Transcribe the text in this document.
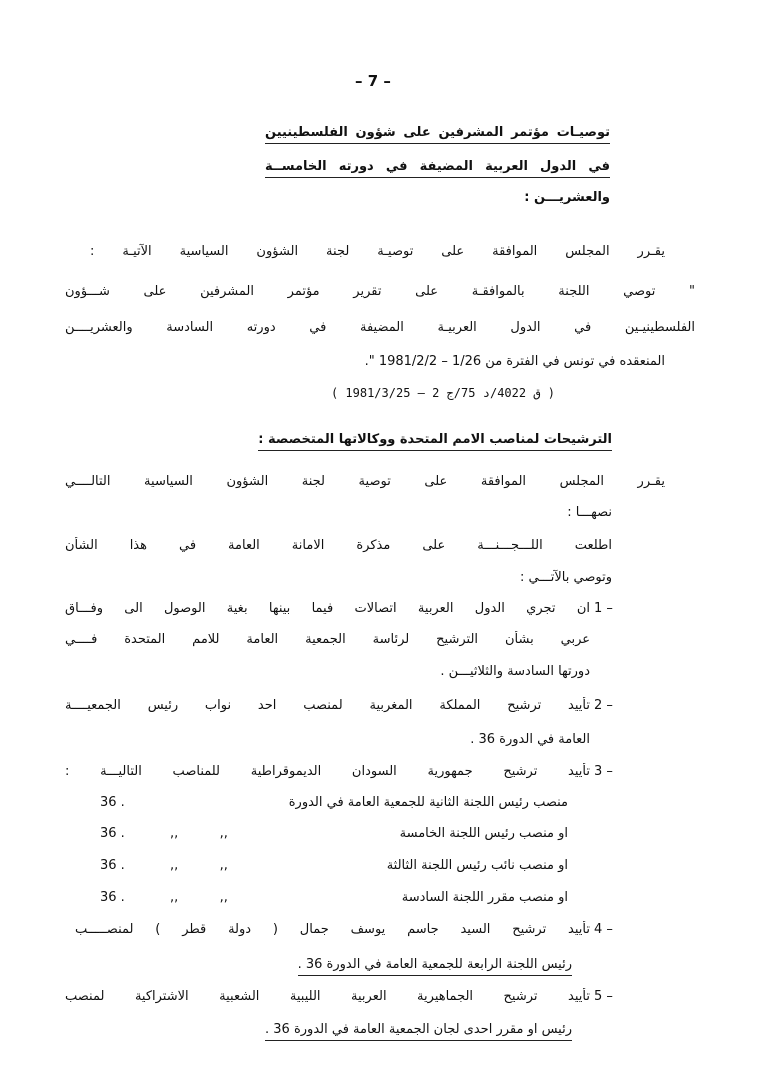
– 7 –
توصيـات مؤتمر المشرفين على شؤون الفلسطينيين
في الدول العربية المضيفة في دورته الخامســة
والعشريـــن :
يقـرر المجلس الموافقة على توصيـة لجنة الشؤون السياسية الآتيـة :
" توصي اللجنة بالموافقـة على تقرير مؤتمر المشرفين على شـــؤون
الفلسطينيـين في الدول العربيـة المضيفة في دورته السادسة والعشريــــن
المنعقده في تونس في الفترة من 1/26 – 1981/2/2 ".
( ق 4022/د 75/ج 2 – 1981/3/25 )
الترشيحات لمناصب الامم المتحدة ووكالاتها المتخصصة :
يقـرر المجلس الموافقة على توصية لجنة الشؤون السياسية التالــــي
نصهـــا :
اطلعت اللـــجـــنـــة على مذكرة الامانة العامة في هذا الشأن
وتوصي بالآتـــي :
1 –
ان تجري الدول العربية اتصالات فيما بينها بغية الوصول الى وفـــاق
عربي بشأن الترشيح لرئاسة الجمعية العامة للامم المتحدة فــــي
دورتها السادسة والثلاثيـــن .
2 –
تأييد ترشيح المملكة المغربية لمنصب احد نواب رئيس الجمعيــــة
العامة في الدورة 36 .
3 –
تأييد ترشيح جمهورية السودان الديموقراطية للمناصب التاليـــة :
منصب رئيس اللجنة الثانية للجمعية العامة في الدورة
36 .
او منصب رئيس اللجنة الخامسة
,,          ,,
36 .
او منصب نائب رئيس اللجنة الثالثة
,,          ,,
36 .
او منصب مقرر اللجنة السادسة
,,          ,,
36 .
4 –
تأييد ترشيح السيد جاسم يوسف جمال ( دولة قطر ) لمنصـــــب
رئيس اللجنة الرابعة للجمعية العامة في الدورة 36 .
5 –
تأييد ترشيح الجماهيرية العربية الليبية الشعبية الاشتراكية لمنصب
رئيس او مقرر احدى لجان الجمعية العامة في الدورة 36 .
